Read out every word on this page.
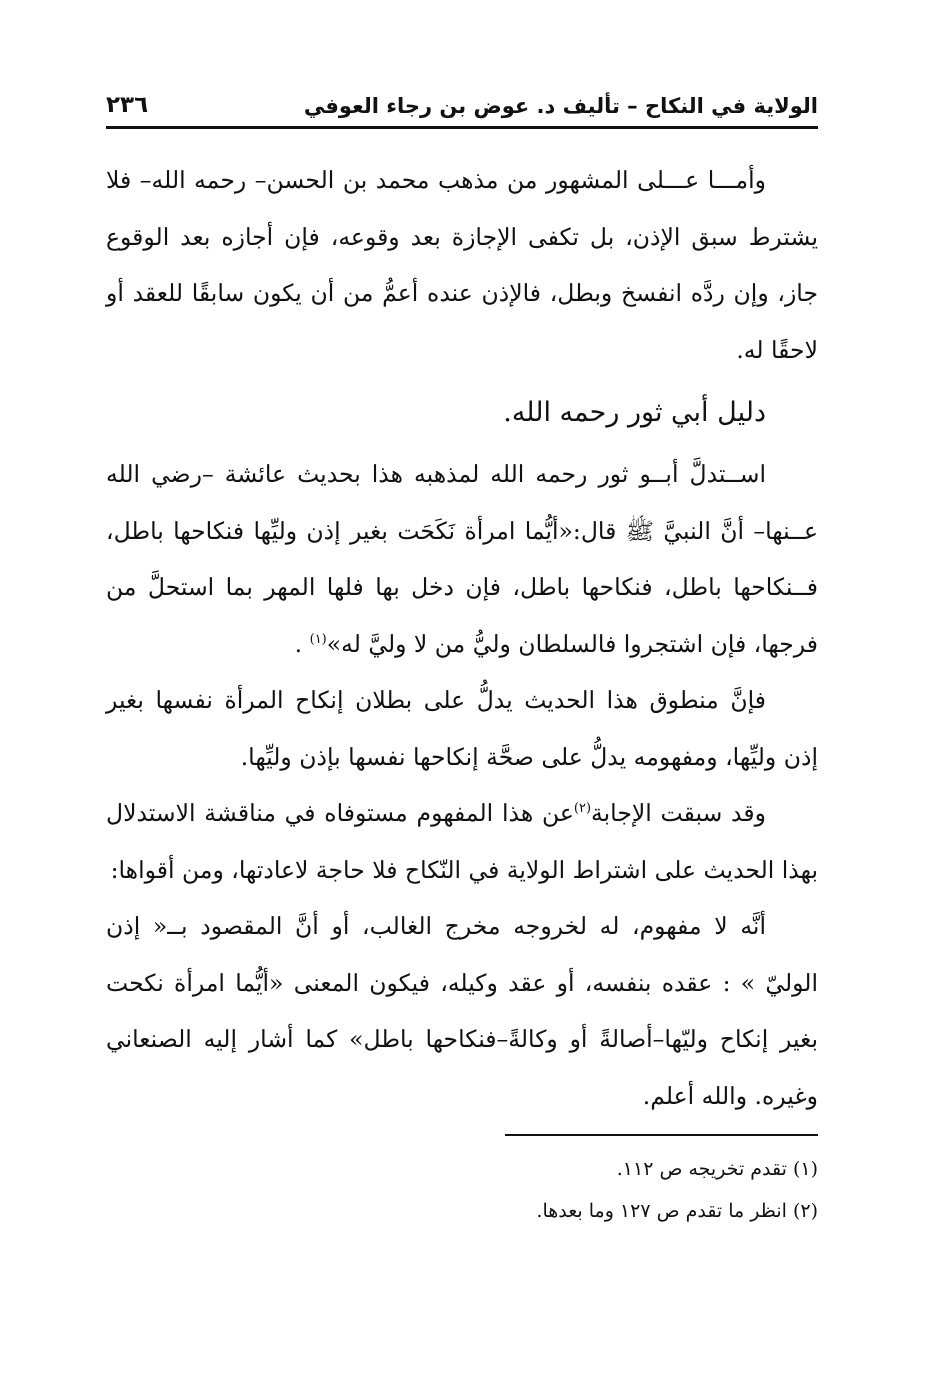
الولاية في النكاح – تأليف د. عوض بن رجاء العوفي
٢٣٦

وأمـــا عـــلى المشهور من مذهب محمد بن الحسن– رحمه الله– فلا يشترط سبق الإذن، بل تكفى الإجازة بعد وقوعه، فإن أجازه بعد الوقوع جاز، وإن ردَّه انفسخ وبطل، فالإذن عنده أعمُّ من أن يكون سابقًا للعقد أو لاحقًا له.

دليل أبي ثور رحمه الله.

اســتدلَّ أبــو ثور رحمه الله لمذهبه هذا بحديث عائشة –رضي الله عــنها– أنَّ النبيَّ ﷺ قال:«أيُّما امرأة نَكَحَت بغير إذن وليِّها فنكاحها باطل، فــنكاحها باطل، فنكاحها باطل، فإن دخل بها فلها المهر بما استحلَّ من فرجها، فإن اشتجروا فالسلطان وليُّ من لا وليَّ له»$^{(١)}$ .

فإنَّ منطوق هذا الحديث يدلُّ على بطلان إنكاح المرأة نفسها بغير إذن وليِّها، ومفهومه يدلُّ على صحَّة إنكاحها نفسها بإذن وليِّها.

وقد سبقت الإجابة$^{(٢)}$عن هذا المفهوم مستوفاه في مناقشة الاستدلال بهذا الحديث على اشتراط الولاية في النّكاح فلا حاجة لاعادتها، ومن أقواها:

أنَّه لا مفهوم، له لخروجه مخرج الغالب، أو أنَّ المقصود بــ« إذن الوليّ » : عقده بنفسه، أو عقد وكيله، فيكون المعنى «أيُّما امرأة نكحت بغير إنكاح وليّها–أصالةً أو وكالةً–فنكاحها باطل» كما أشار إليه الصنعاني وغيره. والله أعلم.

(١) تقدم تخريجه ص ١١٢.

(٢) انظر ما تقدم ص ١٢٧ وما بعدها.
